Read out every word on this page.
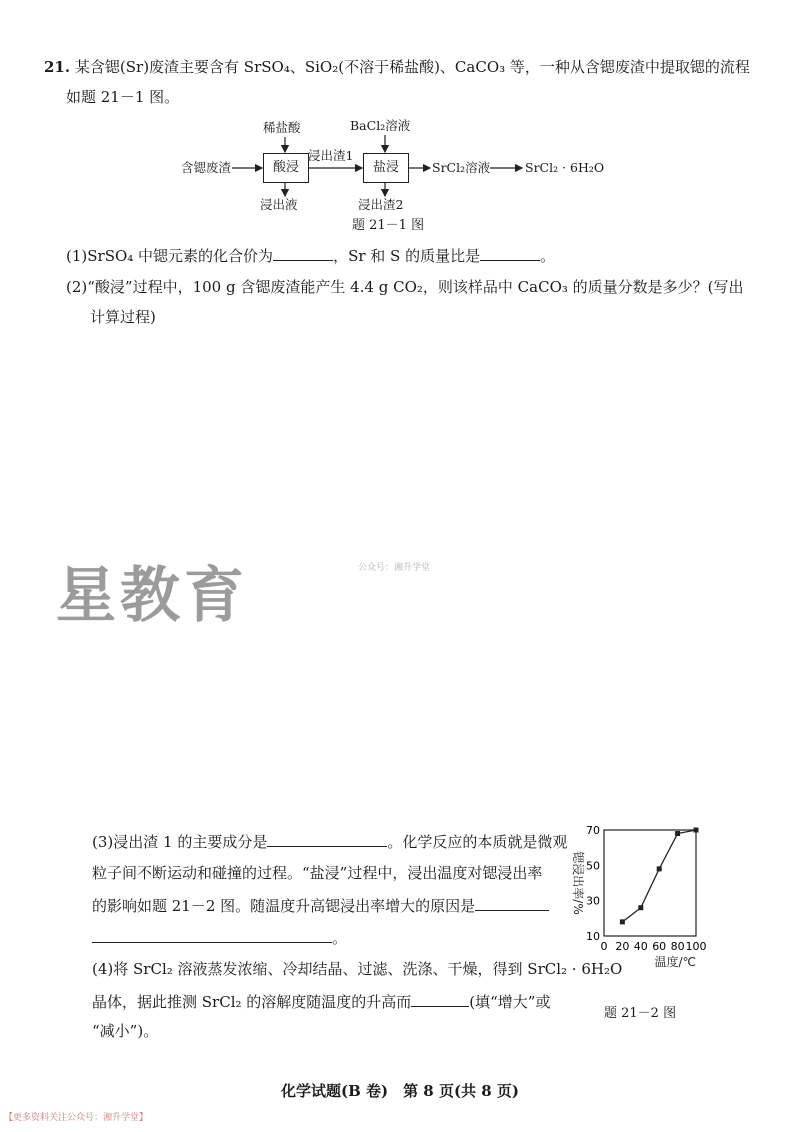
21. 某含锶(Sr)废渣主要含有 SrSO₄、SiO₂(不溶于稀盐酸)、CaCO₃ 等，一种从含锶废渣中提取锶的流程
如题 21－1 图。
含锶废渣
稀盐酸
酸浸
浸出液
浸出渣1
BaCl₂溶液
盐浸
浸出渣2
SrCl₂溶液	SrCl₂ · 6H₂O
题 21－1 图
(1)SrSO₄ 中锶元素的化合价为	，Sr 和 S 的质量比是	。
(2)“酸浸”过程中，100 g 含锶废渣能产生 4.4 g CO₂，则该样品中 CaCO₃ 的质量分数是多少？(写出
计算过程)
星教育	公众号：湘升学堂
(3)浸出渣 1 的主要成分是	。化学反应的本质就是微观
粒子间不断运动和碰撞的过程。“盐浸”过程中，浸出温度对锶浸出率
的影响如题 21－2 图。随温度升高锶浸出率增大的原因是
。
(4)将 SrCl₂ 溶液蒸发浓缩、冷却结晶、过滤、洗涤、干燥，得到 SrCl₂ · 6H₂O
晶体，据此推测 SrCl₂ 的溶解度随温度的升高而	(填“增大”或
“减小”)。
0 20 40 60 80 100
10
30
50
70
锶浸出率/%
温度/℃
题 21－2 图
化学试题(B 卷)　第 8 页(共 8 页)
【更多资料关注公众号：湘升学堂】
